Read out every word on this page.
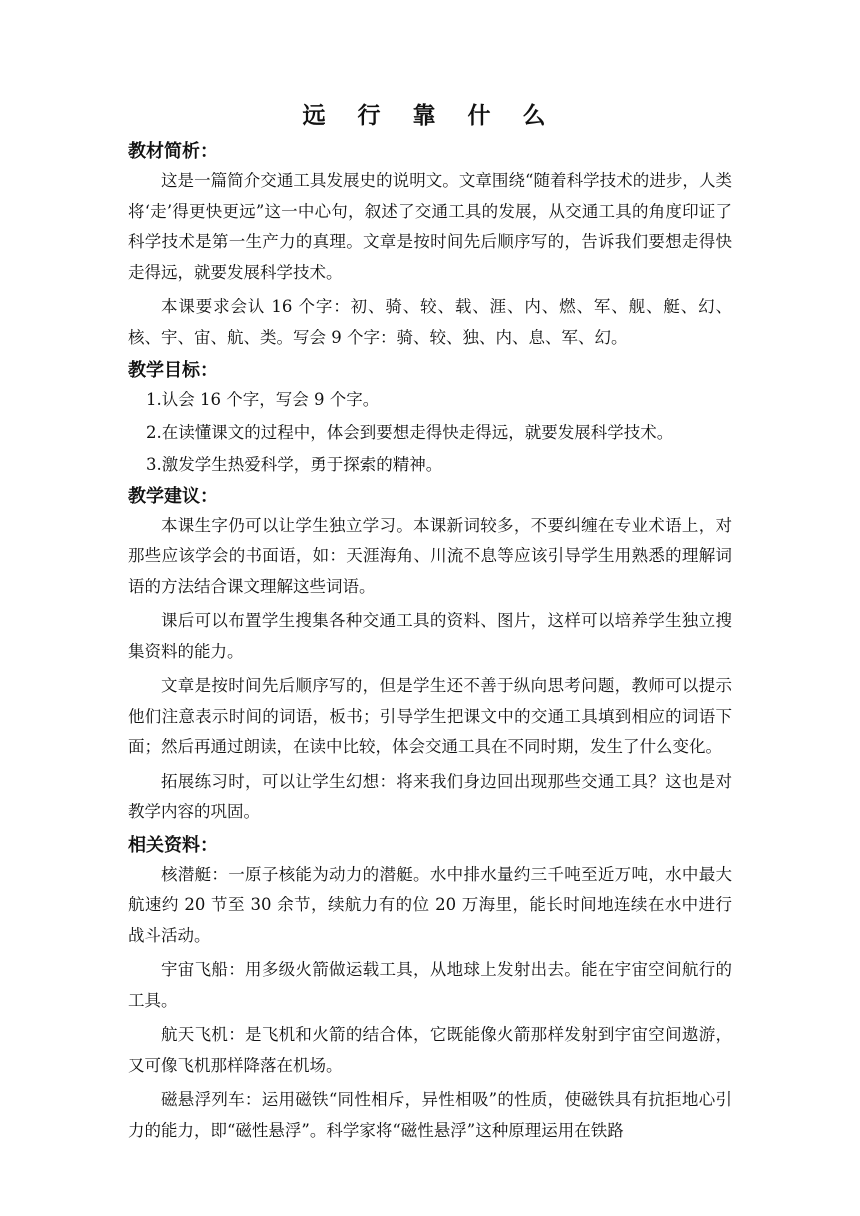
远 行 靠 什 么
教材简析：

这是一篇简介交通工具发展史的说明文。文章围绕“随着科学技术的进步，人类将‘走’得更快更远”这一中心句，叙述了交通工具的发展，从交通工具的角度印证了科学技术是第一生产力的真理。文章是按时间先后顺序写的，告诉我们要想走得快走得远，就要发展科学技术。

本课要求会认 16 个字：初、骑、较、载、涯、内、燃、军、舰、艇、幻、核、宇、宙、航、类。写会 9 个字：骑、较、独、内、息、军、幻。

教学目标：

1.认会 16 个字，写会 9 个字。

2.在读懂课文的过程中，体会到要想走得快走得远，就要发展科学技术。

3.激发学生热爱科学，勇于探索的精神。

教学建议：

本课生字仍可以让学生独立学习。本课新词较多，不要纠缠在专业术语上，对那些应该学会的书面语，如：天涯海角、川流不息等应该引导学生用熟悉的理解词语的方法结合课文理解这些词语。

课后可以布置学生搜集各种交通工具的资料、图片，这样可以培养学生独立搜集资料的能力。

文章是按时间先后顺序写的，但是学生还不善于纵向思考问题，教师可以提示他们注意表示时间的词语，板书；引导学生把课文中的交通工具填到相应的词语下面；然后再通过朗读，在读中比较，体会交通工具在不同时期，发生了什么变化。

拓展练习时，可以让学生幻想：将来我们身边回出现那些交通工具？这也是对教学内容的巩固。

相关资料：

核潜艇：一原子核能为动力的潜艇。水中排水量约三千吨至近万吨，水中最大航速约 20 节至 30 余节，续航力有的位 20 万海里，能长时间地连续在水中进行战斗活动。

宇宙飞船：用多级火箭做运载工具，从地球上发射出去。能在宇宙空间航行的工具。

航天飞机：是飞机和火箭的结合体，它既能像火箭那样发射到宇宙空间遨游，又可像飞机那样降落在机场。

磁悬浮列车：运用磁铁“同性相斥，异性相吸”的性质，使磁铁具有抗拒地心引力的能力，即“磁性悬浮”。科学家将“磁性悬浮”这种原理运用在铁路
